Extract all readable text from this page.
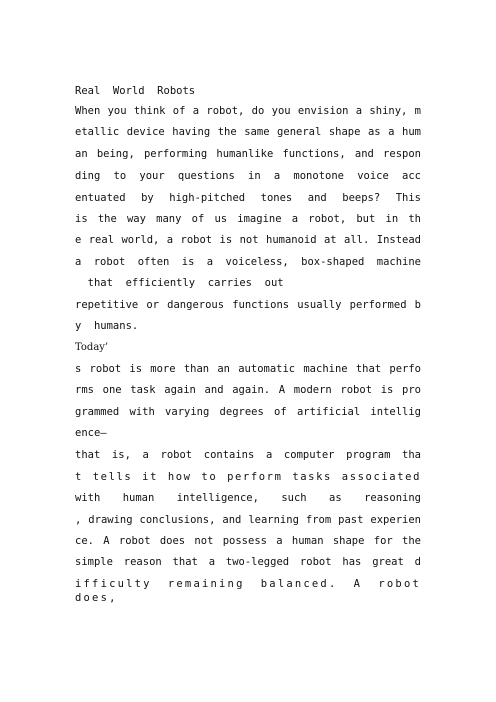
Real  World  Robots
When you think of a robot, do you envision a shiny, m
etallic device having the same general shape as a hum
an being, performing humanlike functions, and respon
ding to your questions in a monotone voice acc
entuated by high-pitched tones and beeps? This
is the way many of us imagine a robot, but in th
e real world, a robot is not humanoid at all. Instead
a robot often is a voiceless, box-shaped machine
that  efficiently  carries  out
repetitive or dangerous functions usually performed b
y  humans.
Today’
s robot is more than an automatic machine that perfo
rms one task again and again. A modern robot is pro
grammed with varying degrees of artificial intellig
ence—
that is, a robot contains a computer program tha
t tells it how to perform tasks associated
with human intelligence, such as reasoning
, drawing conclusions, and learning from past experien
ce. A robot does not possess a human shape for the
simple reason that a two-legged robot has great d
ifficulty remaining balanced. A robot does,
